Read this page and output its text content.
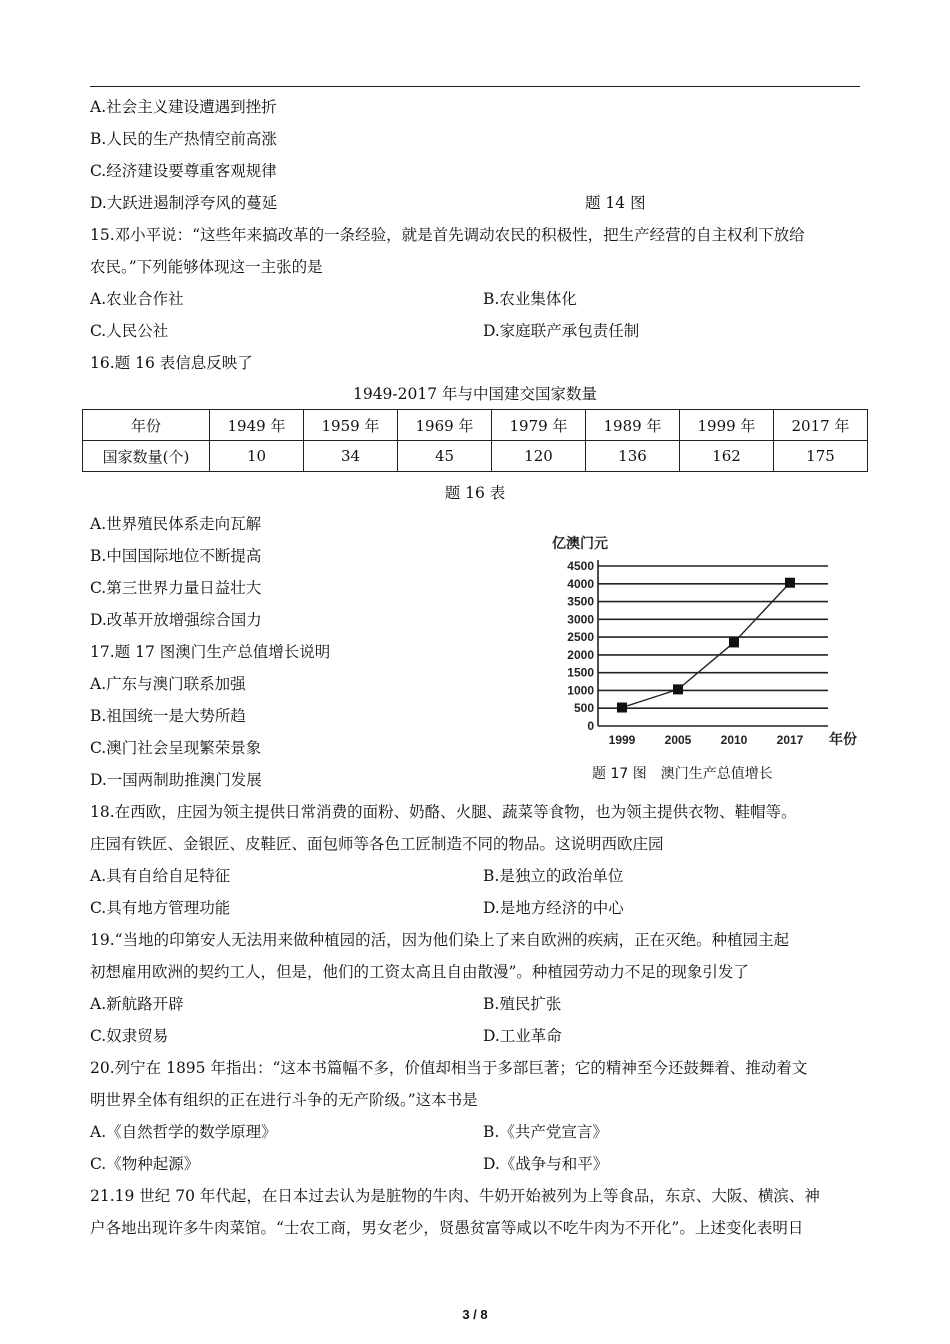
A.社会主义建设遭遇到挫折
B.人民的生产热情空前高涨
C.经济建设要尊重客观规律
D.大跃进遏制浮夸风的蔓延	题 14 图
15.邓小平说：“这些年来搞改革的一条经验，就是首先调动农民的积极性，把生产经营的自主权利下放给
农民。”下列能够体现这一主张的是
A.农业合作社	B.农业集体化
C.人民公社	D.家庭联产承包责任制
16.题 16 表信息反映了
1949-2017 年与中国建交国家数量
年份	1949 年	1959 年	1969 年	1979 年	1989 年	1999 年	2017 年
国家数量(个)	10	34	45	120	136	162	175
题 16 表
A.世界殖民体系走向瓦解
B.中国国际地位不断提高
C.第三世界力量日益壮大
D.改革开放增强综合国力
17.题 17 图澳门生产总值增长说明
A.广东与澳门联系加强
B.祖国统一是大势所趋
C.澳门社会呈现繁荣景象
D.一国两制助推澳门发展
0
500
1000
1500
2000
2500
3000
3500
4000
4500
亿澳门元
1999 2005 2010 2017 年份
题 17 图　澳门生产总值增长
18.在西欧，庄园为领主提供日常消费的面粉、奶酪、火腿、蔬菜等食物，也为领主提供衣物、鞋帽等。
庄园有铁匠、金银匠、皮鞋匠、面包师等各色工匠制造不同的物品。这说明西欧庄园
A.具有自给自足特征	B.是独立的政治单位
C.具有地方管理功能	D.是地方经济的中心
19.“当地的印第安人无法用来做种植园的活，因为他们染上了来自欧洲的疾病，正在灭绝。种植园主起
初想雇用欧洲的契约工人，但是，他们的工资太高且自由散漫”。种植园劳动力不足的现象引发了
A.新航路开辟	B.殖民扩张
C.奴隶贸易	D.工业革命
20.列宁在 1895 年指出：“这本书篇幅不多，价值却相当于多部巨著；它的精神至今还鼓舞着、推动着文
明世界全体有组织的正在进行斗争的无产阶级。”这本书是
A.《自然哲学的数学原理》	B.《共产党宣言》
C.《物种起源》	D.《战争与和平》
21.19 世纪 70 年代起，在日本过去认为是脏物的牛肉、牛奶开始被列为上等食品，东京、大阪、横滨、神
户各地出现许多牛肉菜馆。“士农工商，男女老少，贤愚贫富等咸以不吃牛肉为不开化”。上述变化表明日
3 / 8
